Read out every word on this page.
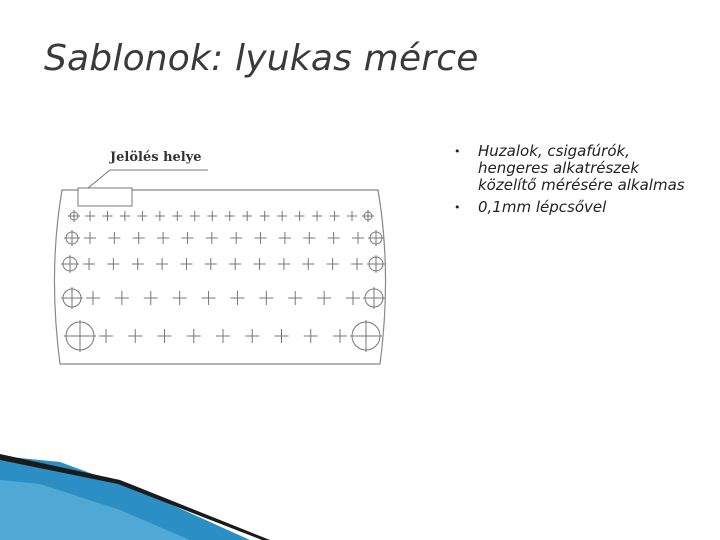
Sablonok: lyukas mérce
• Huzalok, csigafúrók, hengeres alkatrészek közelítő mérésére alkalmas
• 0,1mm lépcsővel
Jelölés helye
